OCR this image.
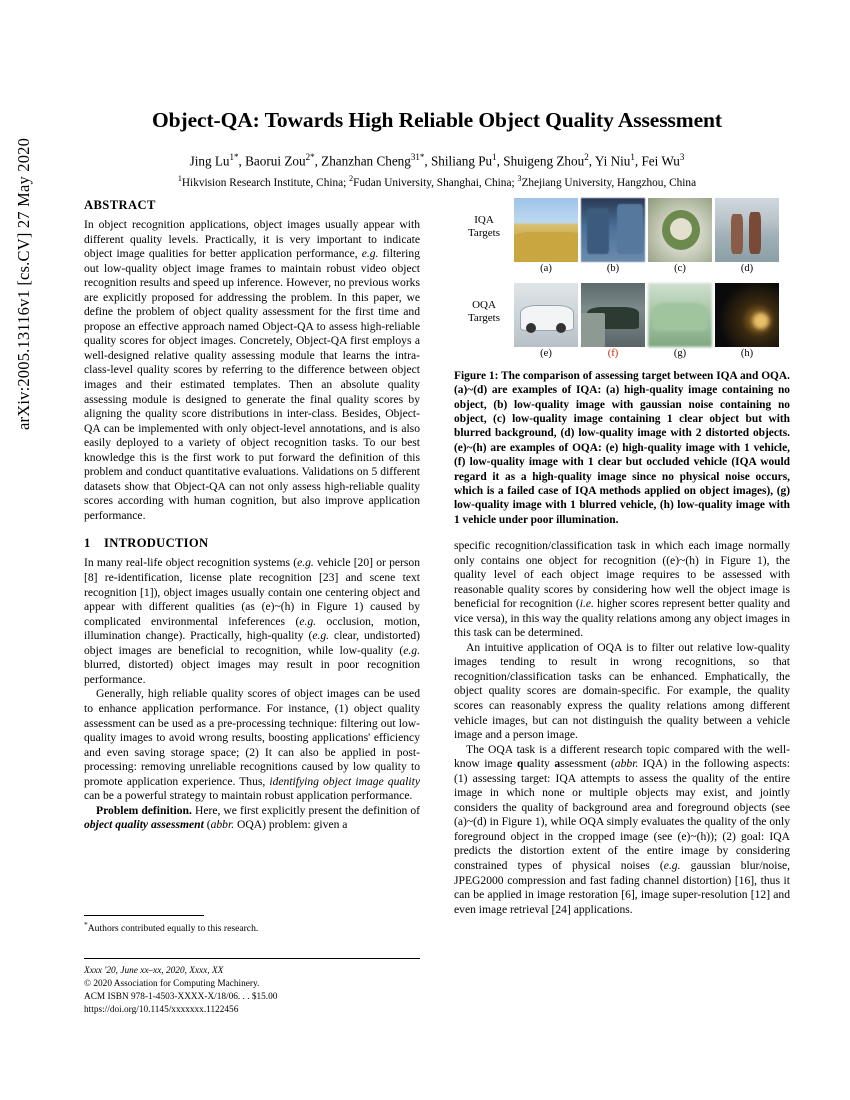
arXiv:2005.13116v1 [cs.CV] 27 May 2020
Object-QA: Towards High Reliable Object Quality Assessment
Jing $Lu^{1*}$, Baorui Zou$^{2*}$, Zhanzhan Cheng$^{31*}$, Shiliang Pu$^1$, Shuigeng Zhou$^2$, Yi Niu$^1$, Fei Wu$^3$
$^1$Hikvision Research Institute, China; $^2$Fudan University, Shanghai, China; $^3$Zhejiang University, Hangzhou, China
ABSTRACT

In object recognition applications, object images usually appear with different quality levels. Practically, it is very important to indicate object image qualities for better application performance, e.g. filtering out low-quality object image frames to maintain robust video object recognition results and speed up inference. However, no previous works are explicitly proposed for addressing the problem. In this paper, we define the problem of object quality assessment for the first time and propose an effective approach named Object-QA to assess high-reliable quality scores for object images. Concretely, Object-QA first employs a well-designed relative quality assessing module that learns the intra-class-level quality scores by referring to the difference between object images and their estimated templates. Then an absolute quality assessing module is designed to generate the final quality scores by aligning the quality score distributions in inter-class. Besides, Object-QA can be implemented with only object-level annotations, and is also easily deployed to a variety of object recognition tasks. To our best knowledge this is the first work to put forward the definition of this problem and conduct quantitative evaluations. Validations on 5 different datasets show that Object-QA can not only assess high-reliable quality scores according with human cognition, but also improve application performance.

1 INTRODUCTION

In many real-life object recognition systems (e.g. vehicle [20] or person [8] re-identification, license plate recognition [23] and scene text recognition [1]), object images usually contain one centering object and appear with different qualities (as (e)~(h) in Figure 1) caused by complicated environmental infeferences (e.g. occlusion, motion, illumination change). Practically, high-quality (e.g. clear, undistorted) object images are beneficial to recognition, while low-quality (e.g. blurred, distorted) object images may result in poor recognition performance.

Generally, high reliable quality scores of object images can be used to enhance application performance. For instance, (1) object quality assessment can be used as a pre-processing technique: filtering out low-quality images to avoid wrong results, boosting applications' efficiency and even saving storage space; (2) It can also be applied in post-processing: removing unreliable recognitions caused by low quality to promote application experience. Thus, identifying object image quality can be a powerful strategy to maintain robust application performance.

Problem definition. Here, we first explicitly present the definition of object quality assessment (abbr. OQA) problem: given a

IQA
Targets
(a)	(b)	(c)	(d)
OQA
Targets
(e)	(f)	(g)	(h)
Figure 1: The comparison of assessing target between IQA and OQA. (a)~(d) are examples of IQA: (a) high-quality image containing no object, (b) low-quality image with gaussian noise containing no object, (c) low-quality image containing 1 clear object but with blurred background, (d) low-quality image with 2 distorted objects. (e)~(h) are examples of OQA: (e) high-quality image with 1 vehicle, (f) low-quality image with 1 clear but occluded vehicle (IQA would regard it as a high-quality image since no physical noise occurs, which is a failed case of IQA methods applied on object images), (g) low-quality image with 1 blurred vehicle, (h) low-quality image with 1 vehicle under poor illumination.

specific recognition/classification task in which each image normally only contains one object for recognition ((e)~(h) in Figure 1), the quality level of each object image requires to be assessed with reasonable quality scores by considering how well the object image is beneficial for recognition (i.e. higher scores represent better quality and vice versa), in this way the quality relations among any object images in this task can be determined.

An intuitive application of OQA is to filter out relative low-quality images tending to result in wrong recognitions, so that recognition/classification tasks can be enhanced. Emphatically, the object quality scores are domain-specific. For example, the quality scores can reasonably express the quality relations among different vehicle images, but can not distinguish the quality between a vehicle image and a person image.

The OQA task is a different research topic compared with the well-know image quality assessment (abbr. IQA) in the following aspects: (1) assessing target: IQA attempts to assess the quality of the entire image in which none or multiple objects may exist, and jointly considers the quality of background area and foreground objects (see (a)~(d) in Figure 1), while OQA simply evaluates the quality of the only foreground object in the cropped image (see (e)~(h)); (2) goal: IQA predicts the distortion extent of the entire image by considering constrained types of physical noises (e.g. gaussian blur/noise, JPEG2000 compression and fast fading channel distortion) [16], thus it can be applied in image restoration [6], image super-resolution [12] and even image retrieval [24] applications.

*Authors contributed equally to this research.
Xxxx '20, June xx–xx, 2020, Xxxx, XX
© 2020 Association for Computing Machinery.
ACM ISBN 978-1-4503-XXXX-X/18/06. . . $15.00
https://doi.org/10.1145/xxxxxxx.1122456
